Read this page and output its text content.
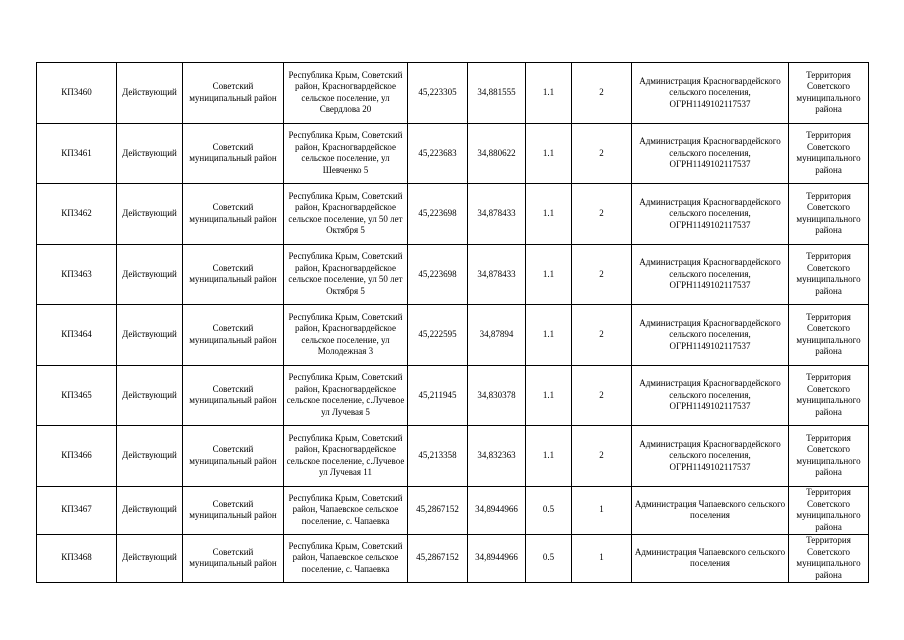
КП3460	Действующий	Советский муниципальный район	Республика Крым, Советский район, Красногвардейское сельское поселение, ул Свердлова 20	45,223305	34,881555	1.1	2	Администрация Красногвардейского сельского поселения, ОГРН1149102117537	Территория Советского муниципального района
КП3461	Действующий	Советский муниципальный район	Республика Крым, Советский район, Красногвардейское сельское поселение, ул Шевченко 5	45,223683	34,880622	1.1	2	Администрация Красногвардейского сельского поселения, ОГРН1149102117537	Территория Советского муниципального района
КП3462	Действующий	Советский муниципальный район	Республика Крым, Советский район, Красногвардейское сельское поселение, ул 50 лет Октября 5	45,223698	34,878433	1.1	2	Администрация Красногвардейского сельского поселения, ОГРН1149102117537	Территория Советского муниципального района
КП3463	Действующий	Советский муниципальный район	Республика Крым, Советский район, Красногвардейское сельское поселение, ул 50 лет Октября 5	45,223698	34,878433	1.1	2	Администрация Красногвардейского сельского поселения, ОГРН1149102117537	Территория Советского муниципального района
КП3464	Действующий	Советский муниципальный район	Республика Крым, Советский район, Красногвардейское сельское поселение, ул Молодежная 3	45,222595	34,87894	1.1	2	Администрация Красногвардейского сельского поселения, ОГРН1149102117537	Территория Советского муниципального района
КП3465	Действующий	Советский муниципальный район	Республика Крым, Советский район, Красногвардейское сельское поселение, с.Лучевое ул Лучевая 5	45,211945	34,830378	1.1	2	Администрация Красногвардейского сельского поселения, ОГРН1149102117537	Территория Советского муниципального района
КП3466	Действующий	Советский муниципальный район	Республика Крым, Советский район, Красногвардейское сельское поселение, с.Лучевое ул Лучевая 11	45,213358	34,832363	1.1	2	Администрация Красногвардейского сельского поселения, ОГРН1149102117537	Территория Советского муниципального района
КП3467	Действующий	Советский муниципальный район	Республика Крым, Советский район, Чапаевское сельское поселение, с. Чапаевка	45,2867152	34,8944966	0.5	1	Администрация Чапаевского сельского поселения	Территория Советского муниципального района
КП3468	Действующий	Советский муниципальный район	Республика Крым, Советский район, Чапаевское сельское поселение, с. Чапаевка	45,2867152	34,8944966	0.5	1	Администрация Чапаевского сельского поселения	Территория Советского муниципального района
